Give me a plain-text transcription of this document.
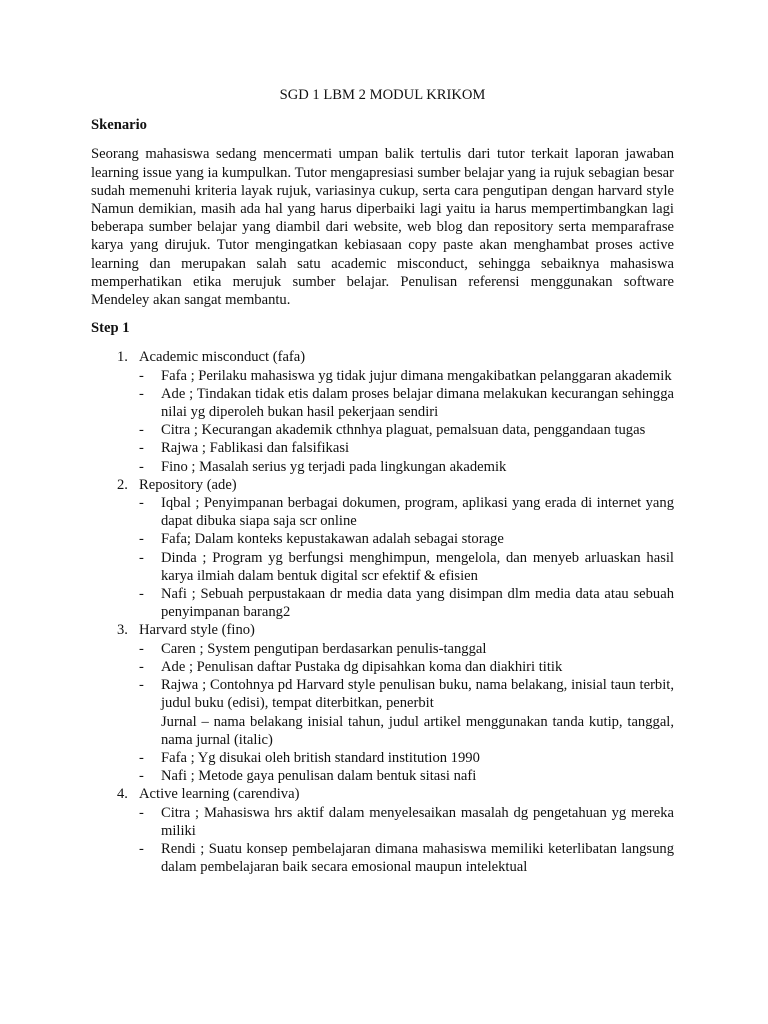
SGD 1 LBM 2 MODUL KRIKOM
Skenario
Seorang mahasiswa sedang mencermati umpan balik tertulis dari tutor terkait laporan jawaban learning issue yang ia kumpulkan. Tutor mengapresiasi sumber belajar yang ia rujuk sebagian besar sudah memenuhi kriteria layak rujuk, variasinya cukup, serta cara pengutipan dengan harvard style Namun demikian, masih ada hal yang harus diperbaiki lagi yaitu ia harus mempertimbangkan lagi beberapa sumber belajar yang diambil dari website, web blog dan repository serta memparafrase karya yang dirujuk. Tutor mengingatkan kebiasaan copy paste akan menghambat proses active learning dan merupakan salah satu academic misconduct, sehingga sebaiknya mahasiswa memperhatikan etika merujuk sumber belajar. Penulisan referensi menggunakan software Mendeley akan sangat membantu.
Step 1
1. Academic misconduct (fafa)
- Fafa ; Perilaku mahasiswa yg tidak jujur dimana mengakibatkan pelanggaran akademik
- Ade ; Tindakan tidak etis dalam proses belajar dimana melakukan kecurangan sehingga nilai yg diperoleh bukan hasil pekerjaan sendiri
- Citra ; Kecurangan akademik cthnhya plaguat, pemalsuan data, penggandaan tugas
- Rajwa ; Fablikasi dan falsifikasi
- Fino ; Masalah serius yg terjadi pada lingkungan akademik
2. Repository (ade)
- Iqbal ; Penyimpanan berbagai dokumen, program, aplikasi yang erada di internet yang dapat dibuka siapa saja scr online
- Fafa; Dalam konteks kepustakawan adalah sebagai storage
- Dinda ; Program yg berfungsi menghimpun, mengelola, dan menyeb arluaskan hasil karya ilmiah dalam bentuk digital scr efektif & efisien
- Nafi ; Sebuah perpustakaan dr media data yang disimpan dlm media data atau sebuah penyimpanan barang2
3. Harvard style (fino)
- Caren ; System pengutipan berdasarkan penulis-tanggal
- Ade ; Penulisan daftar Pustaka dg dipisahkan koma dan diakhiri titik
- Rajwa ; Contohnya pd Harvard style penulisan buku, nama belakang, inisial taun terbit, judul buku (edisi), tempat diterbitkan, penerbit
Jurnal – nama belakang inisial tahun, judul artikel menggunakan tanda kutip, tanggal, nama jurnal (italic)
- Fafa ; Yg disukai oleh british standard institution 1990
- Nafi ; Metode gaya penulisan dalam bentuk sitasi nafi
4. Active learning (carendiva)
- Citra ; Mahasiswa hrs aktif dalam menyelesaikan masalah dg pengetahuan yg mereka miliki
- Rendi ; Suatu konsep pembelajaran dimana mahasiswa memiliki keterlibatan langsung dalam pembelajaran baik secara emosional maupun intelektual
